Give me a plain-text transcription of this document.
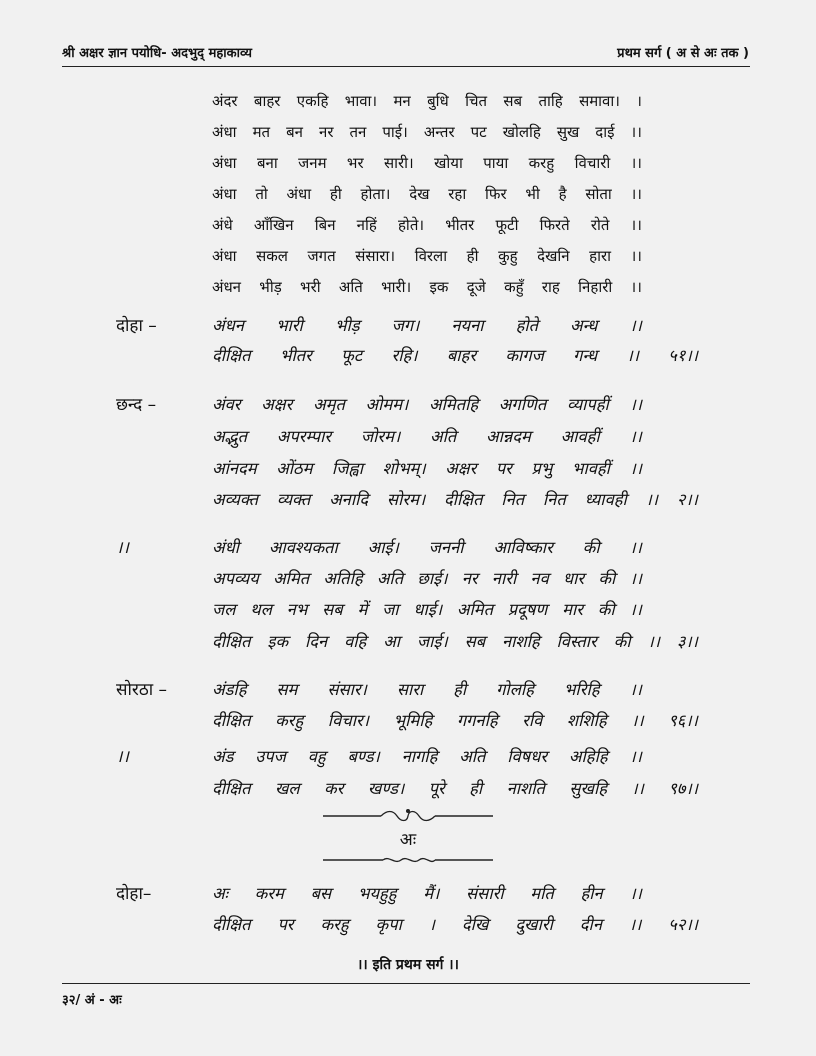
श्री अक्षर ज्ञान पयोधि- अदभुद् महाकाव्य	प्रथम सर्ग ( अ से अः तक )
अंदर बाहर एकहि भावा। मन बुधि चित सब ताहि समावा। ।
अंधा मत बन नर तन पाई। अन्तर पट खोलहि सुख दाई ।।
अंधा बना जनम भर सारी। खोया पाया करहु विचारी ।।
अंधा तो अंधा ही होता। देख रहा फिर भी है सोता ।।
अंधे आँखिन बिन नहिं होते। भीतर फूटी फिरते रोते ।।
अंधा सकल जगत संसारा। विरला ही कुहु देखनि हारा ।।
अंधन भीड़ भरी अति भारी। इक दूजे कहुँ राह निहारी ।।
दोहा –	अंधन भारी भीड़ जग। नयना होते अन्ध ।।
दीक्षित भीतर फूट रहि। बाहर कागज गन्ध ।। ५१।।
छन्द –	अंवर अक्षर अमृत ओमम। अमितहि अगणित व्यापहीं ।।
अद्भुत अपरम्पार जोरम। अति आन्नदम आवहीं ।।
आंनदम ओंठम जिह्वा शोभम्। अक्षर पर प्रभु भावहीं ।।
अव्यक्त व्यक्त अनादि सोरम। दीक्षित नित नित ध्यावही ।। २।।
।।	अंधी आवश्यकता आई। जननी आविष्कार की ।।
अपव्यय अमित अतिहि अति छाई। नर नारी नव धार की ।।
जल थल नभ सब में जा धाई। अमित प्रदूषण मार की ।।
दीक्षित इक दिन वहि आ जाई। सब नाशहि विस्तार की ।। ३।।
सोरठा –	अंडहि सम संसार। सारा ही गोलहि भरिहि ।।
दीक्षित करहु विचार। भूमिहि गगनहि रवि शशिहि ।। ९६।।
।।	अंड उपज वहु बण्ड। नागहि अति विषधर अहिहि ।।
दीक्षित खल कर खण्ड। पूरे ही नाशति सुखहि ।। ९७।।
अः
दोहा–	अः करम बस भयहुहु मैं। संसारी मति हीन ।।
दीक्षित पर करहु कृपा । देखि दुखारी दीन ।। ५२।।
।। इति प्रथम सर्ग ।।
३२/ अं - अः
